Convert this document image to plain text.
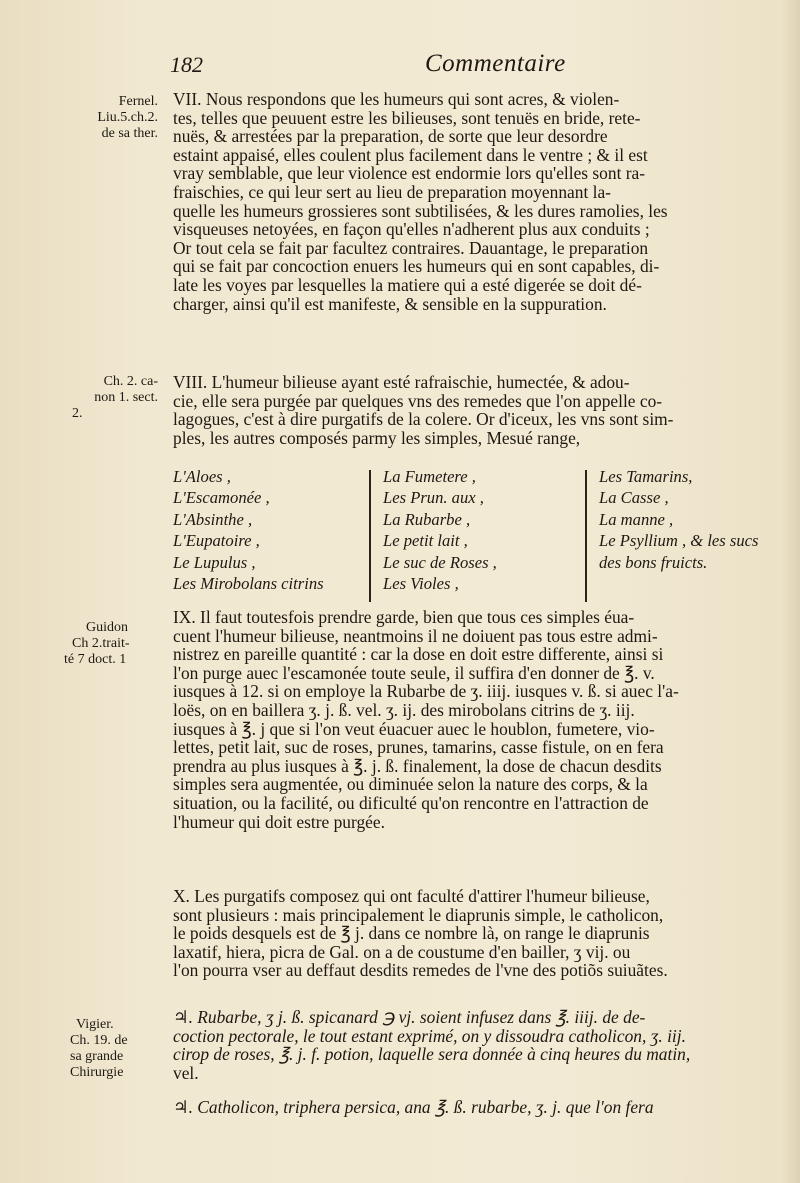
182	Commentaire
Fernel.
Liu.5.ch.2.
de sa ther.
Ch. 2. ca-
non 1. sect.
2.
Guidon
Ch 2.trait-
té 7 doct. 1
Vigier.
Ch. 19. de
sa grande
Chirurgie

VII. Nous respondons que les humeurs qui sont acres, & violen-

tes, telles que peuuent estre les bilieuses, sont tenuës en bride, rete-

nuës, & arrestées par la preparation, de sorte que leur desordre

estaint appaisé, elles coulent plus facilement dans le ventre ; & il est

vray semblable, que leur violence est endormie lors qu'elles sont ra-

fraischies, ce qui leur sert au lieu de preparation moyennant la-

quelle les humeurs grossieres sont subtilisées, & les dures ramolies, les

visqueuses netoyées, en façon qu'elles n'adherent plus aux conduits ;

Or tout cela se fait par facultez contraires. Dauantage, le preparation

qui se fait par concoction enuers les humeurs qui en sont capables, di-

late les voyes par lesquelles la matiere qui a esté digerée se doit dé-

charger, ainsi qu'il est manifeste, & sensible en la suppuration.

VIII. L'humeur bilieuse ayant esté rafraischie, humectée, & adou-

cie, elle sera purgée par quelques vns des remedes que l'on appelle co-

lagogues, c'est à dire purgatifs de la colere. Or d'iceux, les vns sont sim-

ples, les autres composés parmy les simples, Mesué range,

L'Aloes ,
L'Escamonée ,
L'Absinthe ,
L'Eupatoire ,
Le Lupulus ,
Les Mirobolans citrins
La Fumetere ,
Les Prun. aux ,
La Rubarbe ,
Le petit lait ,
Le suc de Roses ,
Les Violes ,
Les Tamarins,
La Casse ,
La manne ,
Le Psyllium , & les sucs
des bons fruicts.

IX. Il faut toutesfois prendre garde, bien que tous ces simples éua-

cuent l'humeur bilieuse, neantmoins il ne doiuent pas tous estre admi-

nistrez en pareille quantité : car la dose en doit estre differente, ainsi si

l'on purge auec l'escamonée toute seule, il suffira d'en donner de ℥. v.

iusques à 12. si on employe la Rubarbe de ʒ. iiij. iusques v. ß. si auec l'a-

loës, on en baillera ʒ. j. ß. vel. ʒ. ij. des mirobolans citrins de ʒ. iij.

iusques à ℥. j que si l'on veut éuacuer auec le houblon, fumetere, vio-

lettes, petit lait, suc de roses, prunes, tamarins, casse fistule, on en fera

prendra au plus iusques à ℥. j. ß. finalement, la dose de chacun desdits

simples sera augmentée, ou diminuée selon la nature des corps, & la

situation, ou la facilité, ou dificulté qu'on rencontre en l'attraction de

l'humeur qui doit estre purgée.

X. Les purgatifs composez qui ont faculté d'attirer l'humeur bilieuse,

sont plusieurs : mais principalement le diaprunis simple, le catholicon,

le poids desquels est de ℥ j. dans ce nombre là, on range le diaprunis

laxatif, hiera, picra de Gal. on a de coustume d'en bailler, ʒ vij. ou

l'on pourra vser au deffaut desdits remedes de l'vne des potiõs suiuãtes.

♃. Rubarbe, ʒ j. ß. spicanard ℈ vj. soient infusez dans ℥. iiij. de de-

coction pectorale, le tout estant exprimé, on y dissoudra catholicon, ʒ. iij.

cirop de roses, ℥. j. f. potion, laquelle sera donnée à cinq heures du matin,

vel.

♃. Catholicon, triphera persica, ana ℥. ß. rubarbe, ʒ. j. que l'on fera
